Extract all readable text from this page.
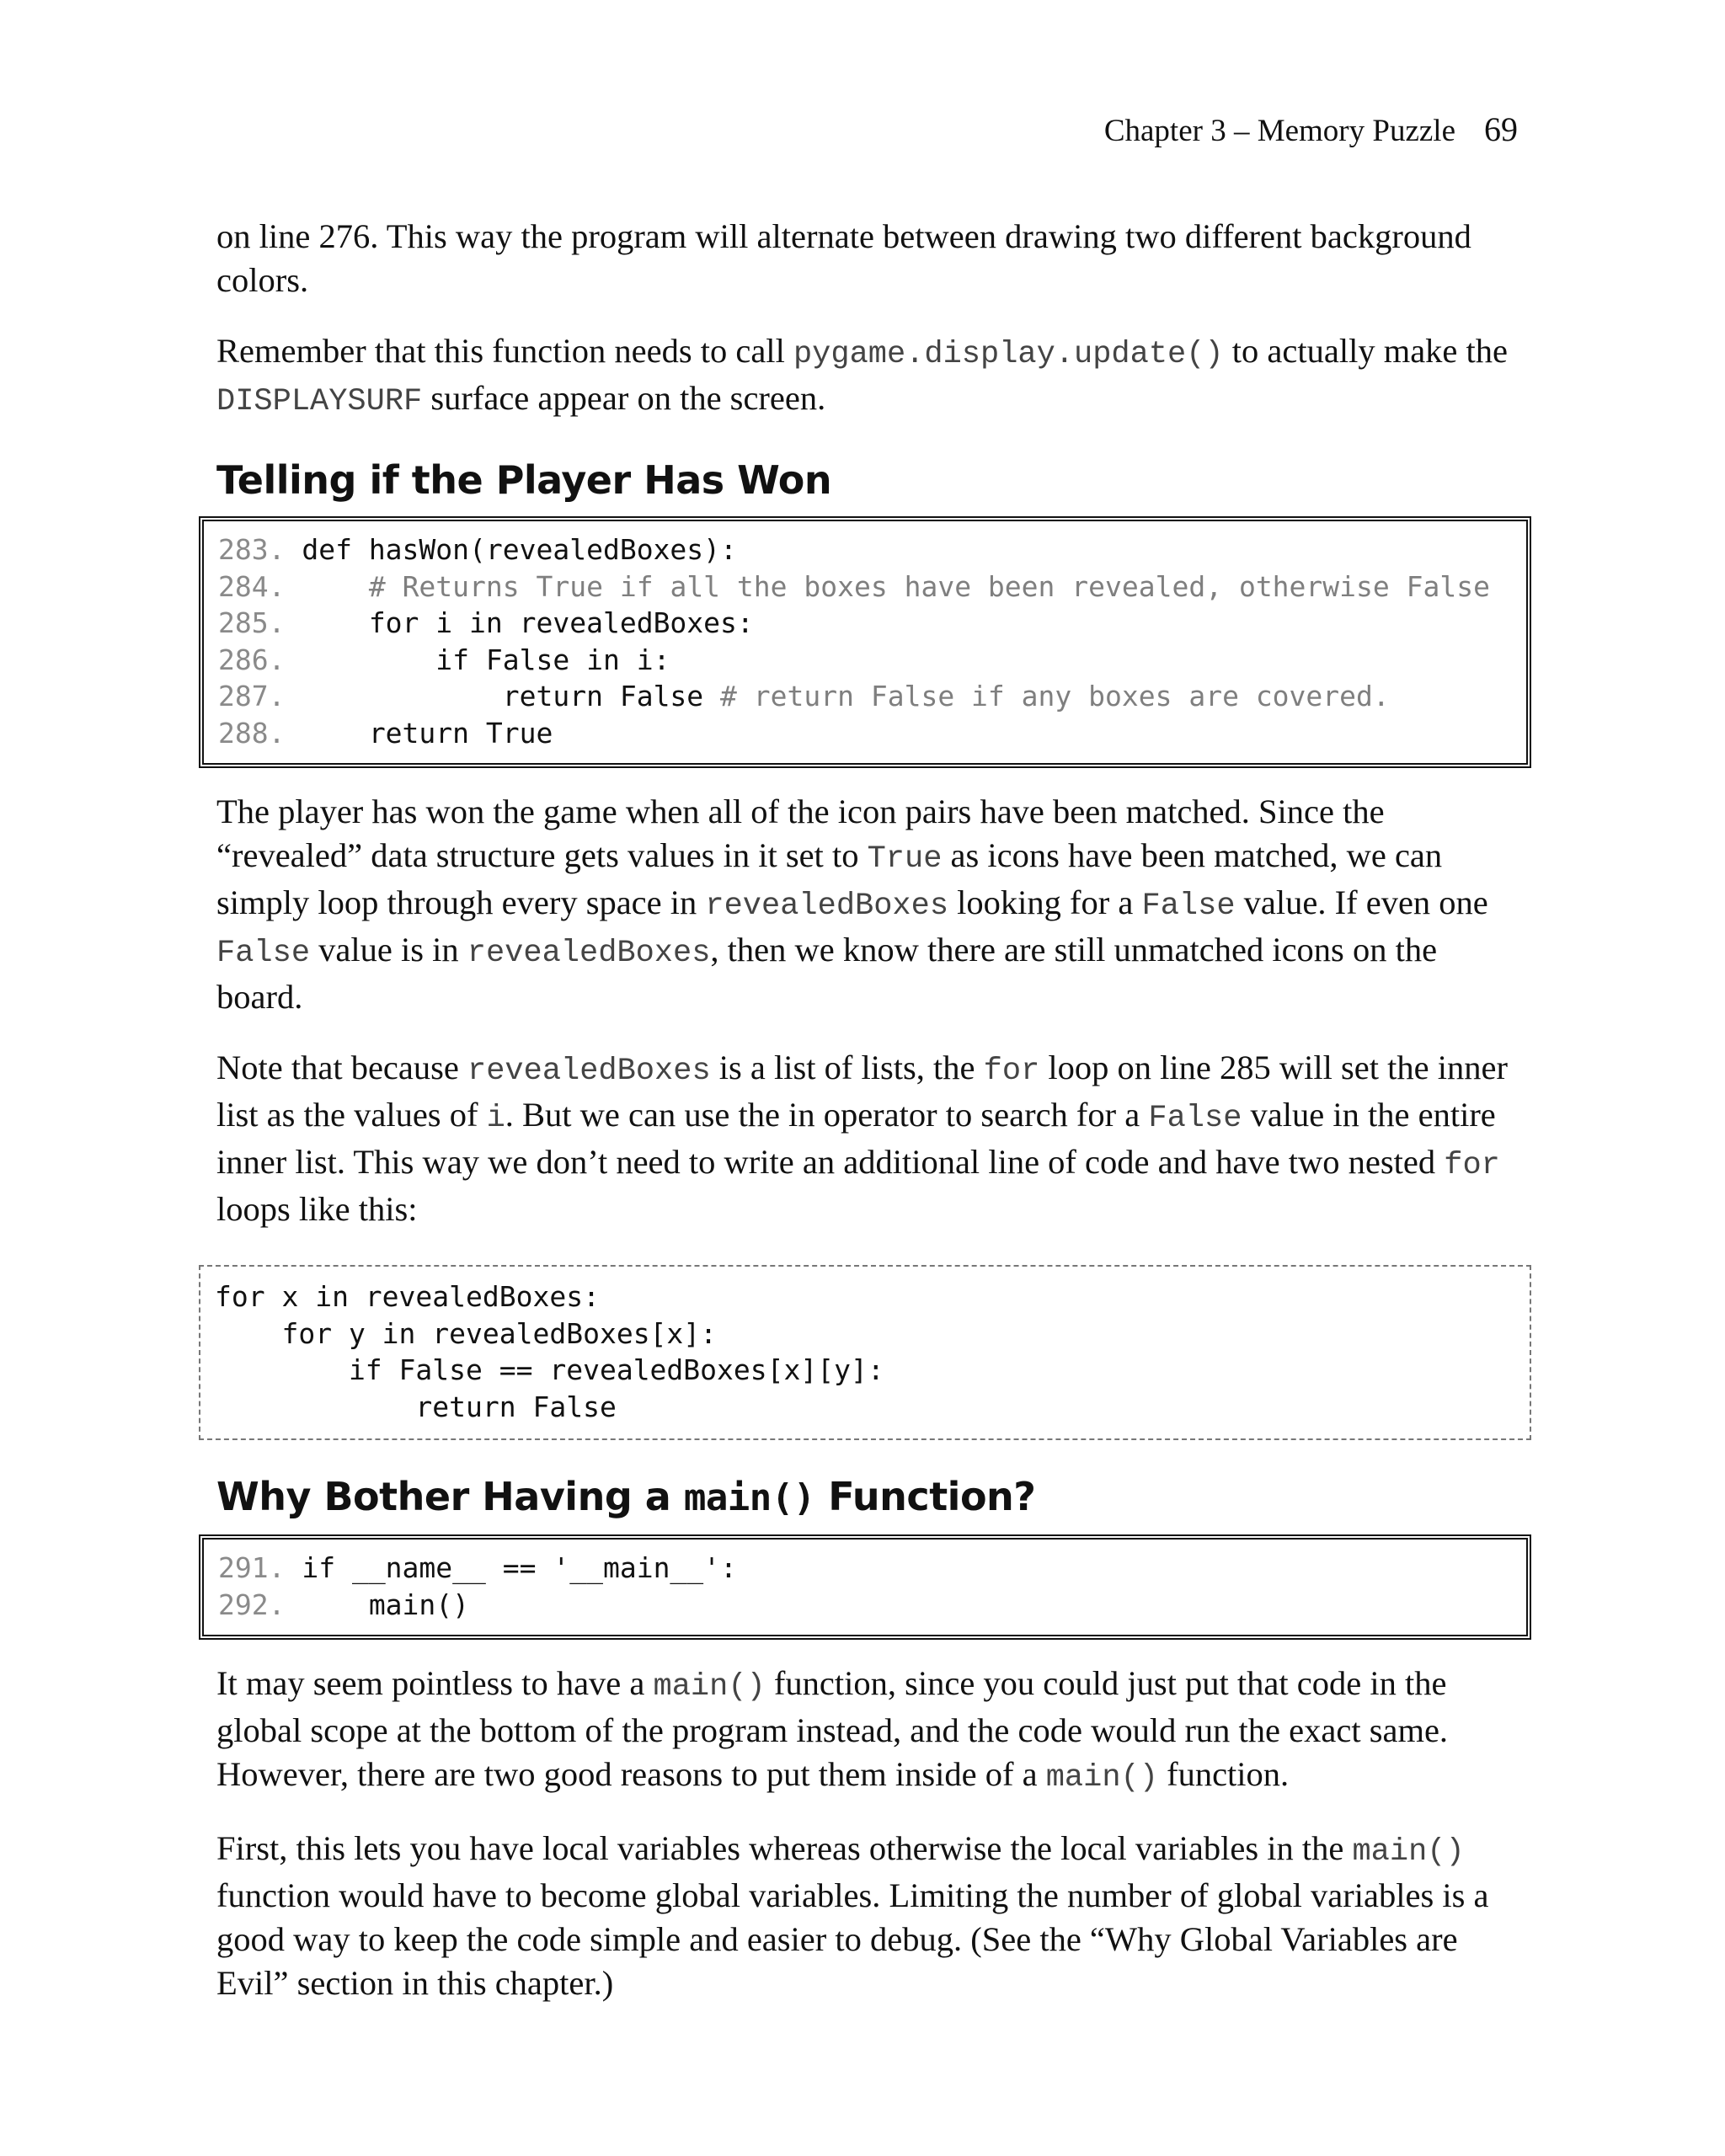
Chapter 3 – Memory Puzzle 69

on line 276. This way the program will alternate between drawing two different background colors.

Remember that this function needs to call pygame.display.update() to actually make the DISPLAYSURF surface appear on the screen.

Telling if the Player Has Won
283. def hasWon(revealedBoxes):
284.     # Returns True if all the boxes have been revealed, otherwise False
285.     for i in revealedBoxes:
286.         if False in i:
287.             return False # return False if any boxes are covered.
288.     return True

The player has won the game when all of the icon pairs have been matched. Since the “revealed” data structure gets values in it set to True as icons have been matched, we can simply loop through every space in revealedBoxes looking for a False value. If even one False value is in revealedBoxes, then we know there are still unmatched icons on the board.

Note that because revealedBoxes is a list of lists, the for loop on line 285 will set the inner list as the values of i. But we can use the in operator to search for a False value in the entire inner list. This way we don’t need to write an additional line of code and have two nested for loops like this:

for x in revealedBoxes:
for y in revealedBoxes[x]:
if False == revealedBoxes[x][y]:
return False
Why Bother Having a main() Function?
291. if __name__ == '__main__':
292.     main()

It may seem pointless to have a main() function, since you could just put that code in the global scope at the bottom of the program instead, and the code would run the exact same. However, there are two good reasons to put them inside of a main() function.

First, this lets you have local variables whereas otherwise the local variables in the main() function would have to become global variables. Limiting the number of global variables is a good way to keep the code simple and easier to debug. (See the “Why Global Variables are Evil” section in this chapter.)
